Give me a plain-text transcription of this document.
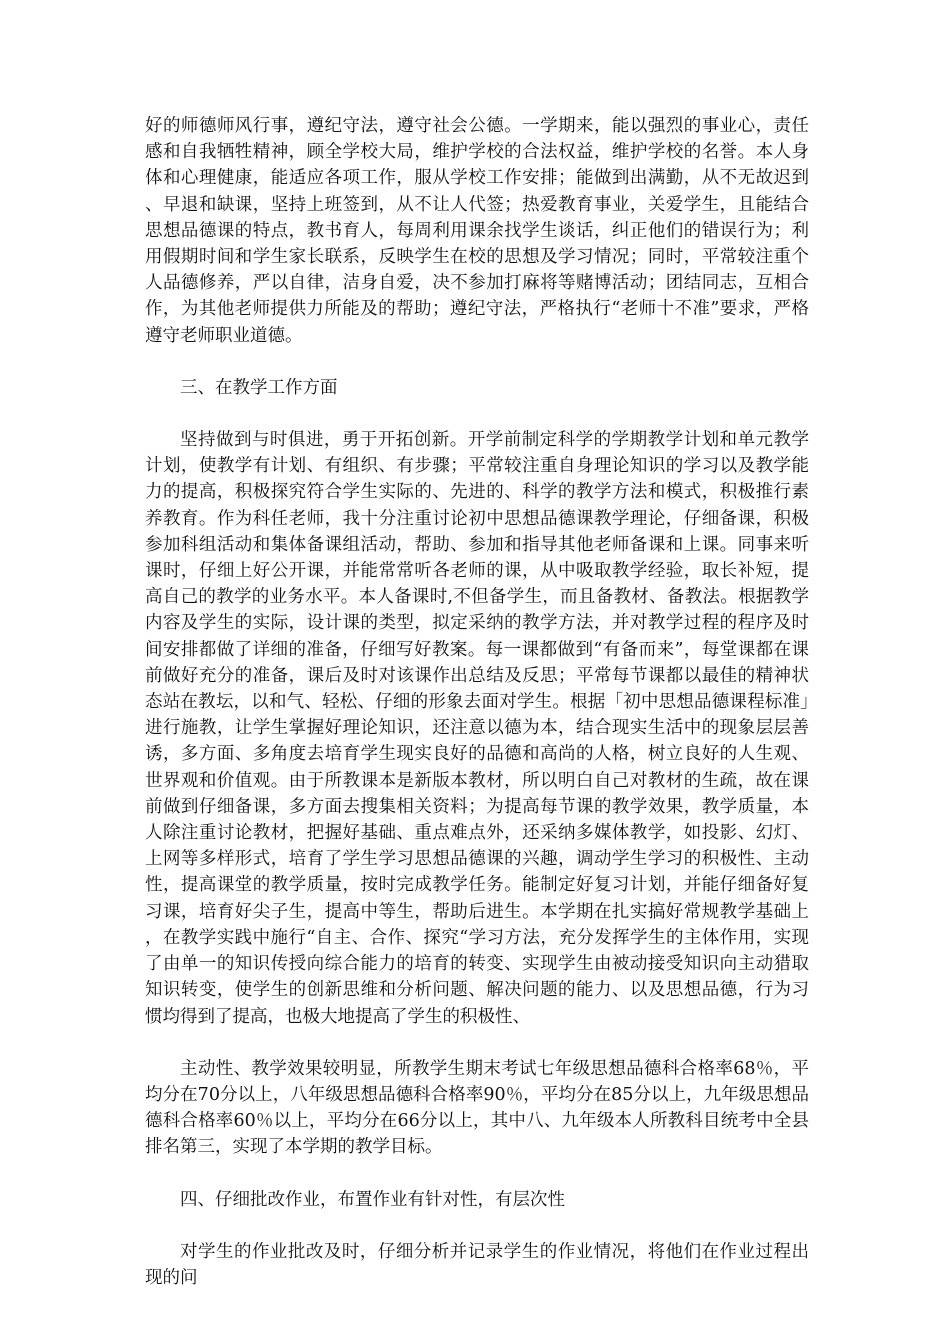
好的师德师风行事，遵纪守法，遵守社会公德。一学期来，能以强烈的事业心，责任感和自我牺牲精神，顾全学校大局，维护学校的合法权益，维护学校的名誉。本人身体和心理健康，能适应各项工作，服从学校工作安排；能做到出满勤，从不无故迟到、早退和缺课，坚持上班签到，从不让人代签；热爱教育事业，关爱学生，且能结合思想品德课的特点，教书育人，每周利用课余找学生谈话，纠正他们的错误行为；利用假期时间和学生家长联系，反映学生在校的思想及学习情况；同时，平常较注重个人品德修养，严以自律，洁身自爱，决不参加打麻将等赌博活动；团结同志，互相合作，为其他老师提供力所能及的帮助；遵纪守法，严格执行“老师十不准”要求，严格遵守老师职业道德。

三、在教学工作方面

坚持做到与时俱进，勇于开拓创新。开学前制定科学的学期教学计划和单元教学计划，使教学有计划、有组织、有步骤；平常较注重自身理论知识的学习以及教学能力的提高，积极探究符合学生实际的、先进的、科学的教学方法和模式，积极推行素养教育。作为科任老师，我十分注重讨论初中思想品德课教学理论，仔细备课，积极参加科组活动和集体备课组活动，帮助、参加和指导其他老师备课和上课。同事来听课时，仔细上好公开课，并能常常听各老师的课，从中吸取教学经验，取长补短，提高自己的教学的业务水平。本人备课时,不但备学生，而且备教材、备教法。根据教学内容及学生的实际，设计课的类型，拟定采纳的教学方法，并对教学过程的程序及时间安排都做了详细的准备，仔细写好教案。每一课都做到“有备而来”，每堂课都在课前做好充分的准备，课后及时对该课作出总结及反思；平常每节课都以最佳的精神状态站在教坛，以和气、轻松、仔细的形象去面对学生。根据「初中思想品德课程标准」进行施教，让学生掌握好理论知识，还注意以德为本，结合现实生活中的现象层层善诱，多方面、多角度去培育学生现实良好的品德和高尚的人格，树立良好的人生观、世界观和价值观。由于所教课本是新版本教材，所以明白自己对教材的生疏，故在课前做到仔细备课，多方面去搜集相关资料；为提高每节课的教学效果，教学质量，本人除注重讨论教材，把握好基础、重点难点外，还采纳多媒体教学，如投影、幻灯、上网等多样形式，培育了学生学习思想品德课的兴趣，调动学生学习的积极性、主动性，提高课堂的教学质量，按时完成教学任务。能制定好复习计划，并能仔细备好复习课，培育好尖子生，提高中等生，帮助后进生。本学期在扎实搞好常规教学基础上，在教学实践中施行“自主、合作、探究“学习方法，充分发挥学生的主体作用，实现了由单一的知识传授向综合能力的培育的转变、实现学生由被动接受知识向主动猎取知识转变，使学生的创新思维和分析问题、解决问题的能力、以及思想品德，行为习惯均得到了提高，也极大地提高了学生的积极性、

主动性、教学效果较明显，所教学生期末考试七年级思想品德科合格率68％，平均分在70分以上，八年级思想品德科合格率90％，平均分在85分以上，九年级思想品德科合格率60％以上，平均分在66分以上，其中八、九年级本人所教科目统考中全县排名第三，实现了本学期的教学目标。

四、仔细批改作业，布置作业有针对性，有层次性

对学生的作业批改及时，仔细分析并记录学生的作业情况，将他们在作业过程出现的问
